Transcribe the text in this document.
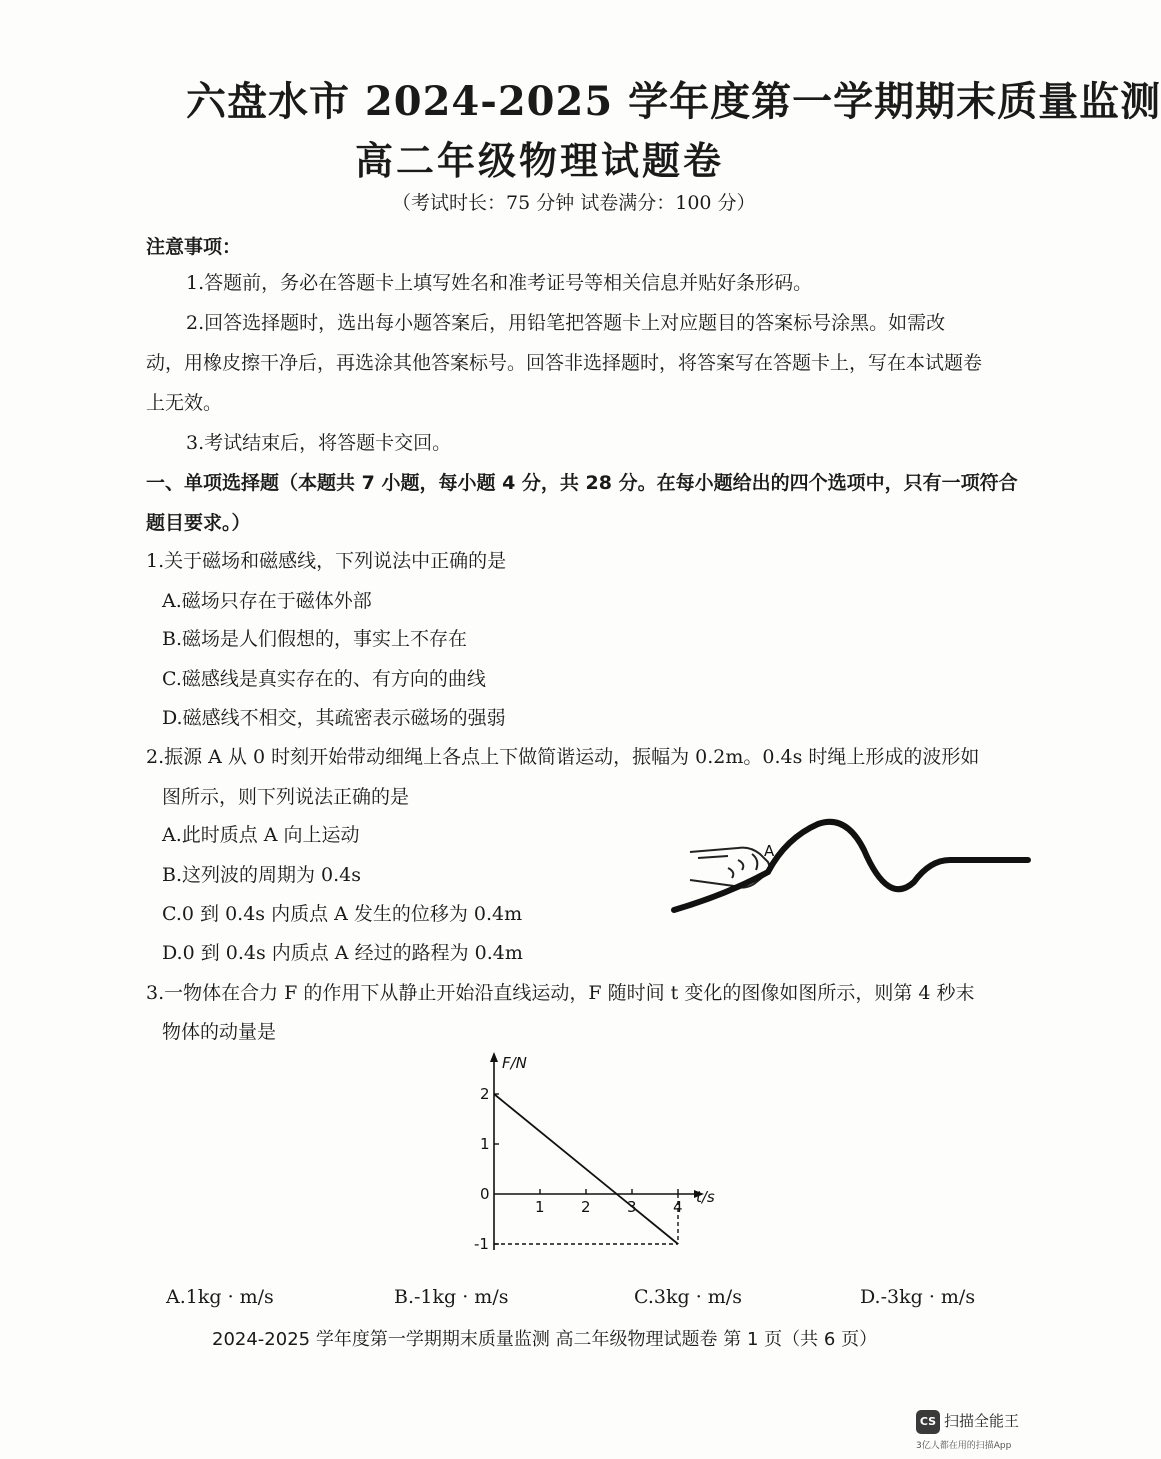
六盘水市 2024-2025 学年度第一学期期末质量监测
高二年级物理试题卷
（考试时长：75 分钟 试卷满分：100 分）
注意事项：
1.答题前，务必在答题卡上填写姓名和准考证号等相关信息并贴好条形码。
2.回答选择题时，选出每小题答案后，用铅笔把答题卡上对应题目的答案标号涂黑。如需改
动，用橡皮擦干净后，再选涂其他答案标号。回答非选择题时，将答案写在答题卡上，写在本试题卷
上无效。
3.考试结束后，将答题卡交回。
一、单项选择题（本题共 7 小题，每小题 4 分，共 28 分。在每小题给出的四个选项中，只有一项符合
题目要求。）
1.关于磁场和磁感线，下列说法中正确的是
A.磁场只存在于磁体外部
B.磁场是人们假想的，事实上不存在
C.磁感线是真实存在的、有方向的曲线
D.磁感线不相交，其疏密表示磁场的强弱
2.振源 A 从 0 时刻开始带动细绳上各点上下做简谐运动，振幅为 0.2m。0.4s 时绳上形成的波形如
图所示，则下列说法正确的是
A.此时质点 A 向上运动
B.这列波的周期为 0.4s
C.0 到 0.4s 内质点 A 发生的位移为 0.4m
D.0 到 0.4s 内质点 A 经过的路程为 0.4m
A
3.一物体在合力 F 的作用下从静止开始沿直线运动，F 随时间 t 变化的图像如图所示，则第 4 秒末
物体的动量是
F/N
t/s
1 2 3 4
2
1
0
-1
A.1kg · m/s	B.-1kg · m/s	C.3kg · m/s	D.-3kg · m/s
2024-2025 学年度第一学期期末质量监测 高二年级物理试题卷 第 1 页（共 6 页）
CS 扫描全能王
3亿人都在用的扫描App
